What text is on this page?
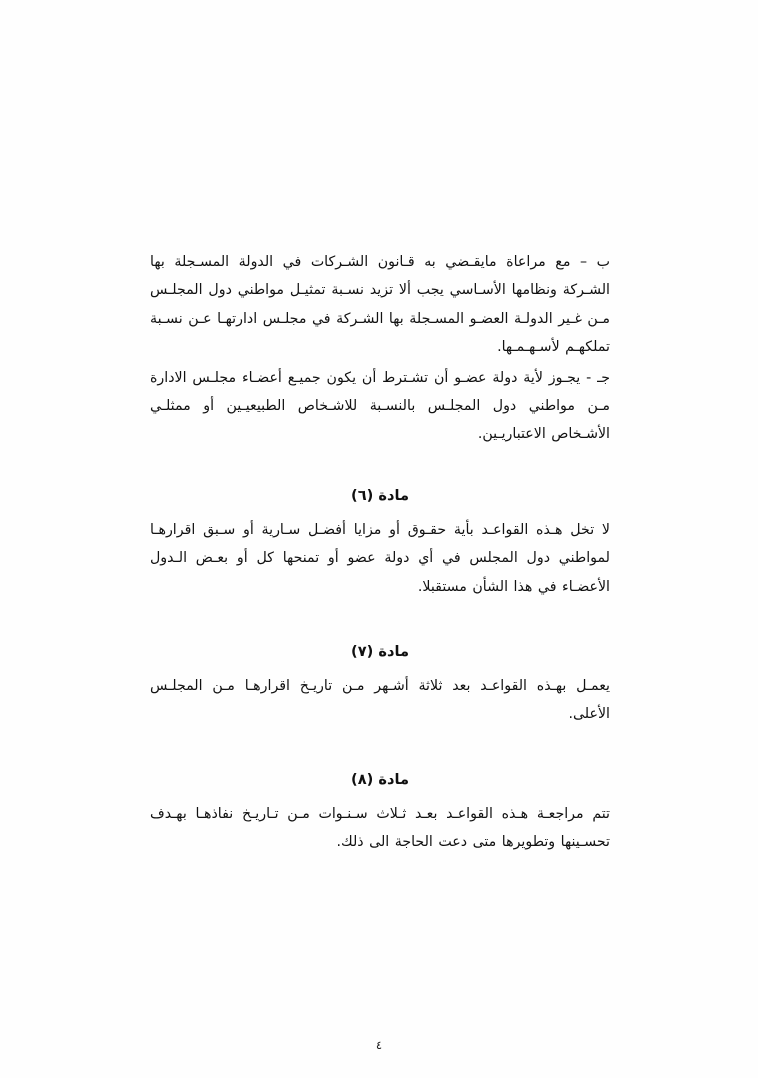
ب – مع مراعاة مايقـضي به قـانون الشـركات في الدولة المسـجلة بها الشـركة ونظامها الأسـاسي يجب ألا تزيد نسـبة تمثيـل مواطني دول المجلـس مـن غـير الدولـة العضـو المسـجلة بها الشـركة في مجلـس ادارتهـا عـن نسـبة تملكهـم لأسـهـمـها.

جـ - يجـوز لأية دولة عضـو أن تشـترط أن يكون جميـع أعضـاء مجلـس الادارة مـن مواطني دول المجلـس بالنسـبة للاشـخاص الطبيعيـين أو ممثلـي الأشـخاص الاعتباريـين.

مادة (٦)

لا تخل هـذه القواعـد بأية حقـوق أو مزايا أفضـل سـارية أو سـبق اقرارهـا لمواطني دول المجلس في أي دولة عضو أو تمنحها كل أو بعـض الـدول الأعضـاء في هذا الشأن مستقبلا.

مادة (٧)

يعمـل بهـذه القواعـد بعد ثلاثة أشـهر مـن تاريـخ اقرارهـا مـن المجلـس الأعلى.

مادة (٨)

تتم مراجعـة هـذه القواعـد بعـد ثـلاث سـنـوات مـن تـاريـخ نفاذهـا بهـدف تحسـينها وتطويرها متى دعت الحاجة الى ذلك.

٤
